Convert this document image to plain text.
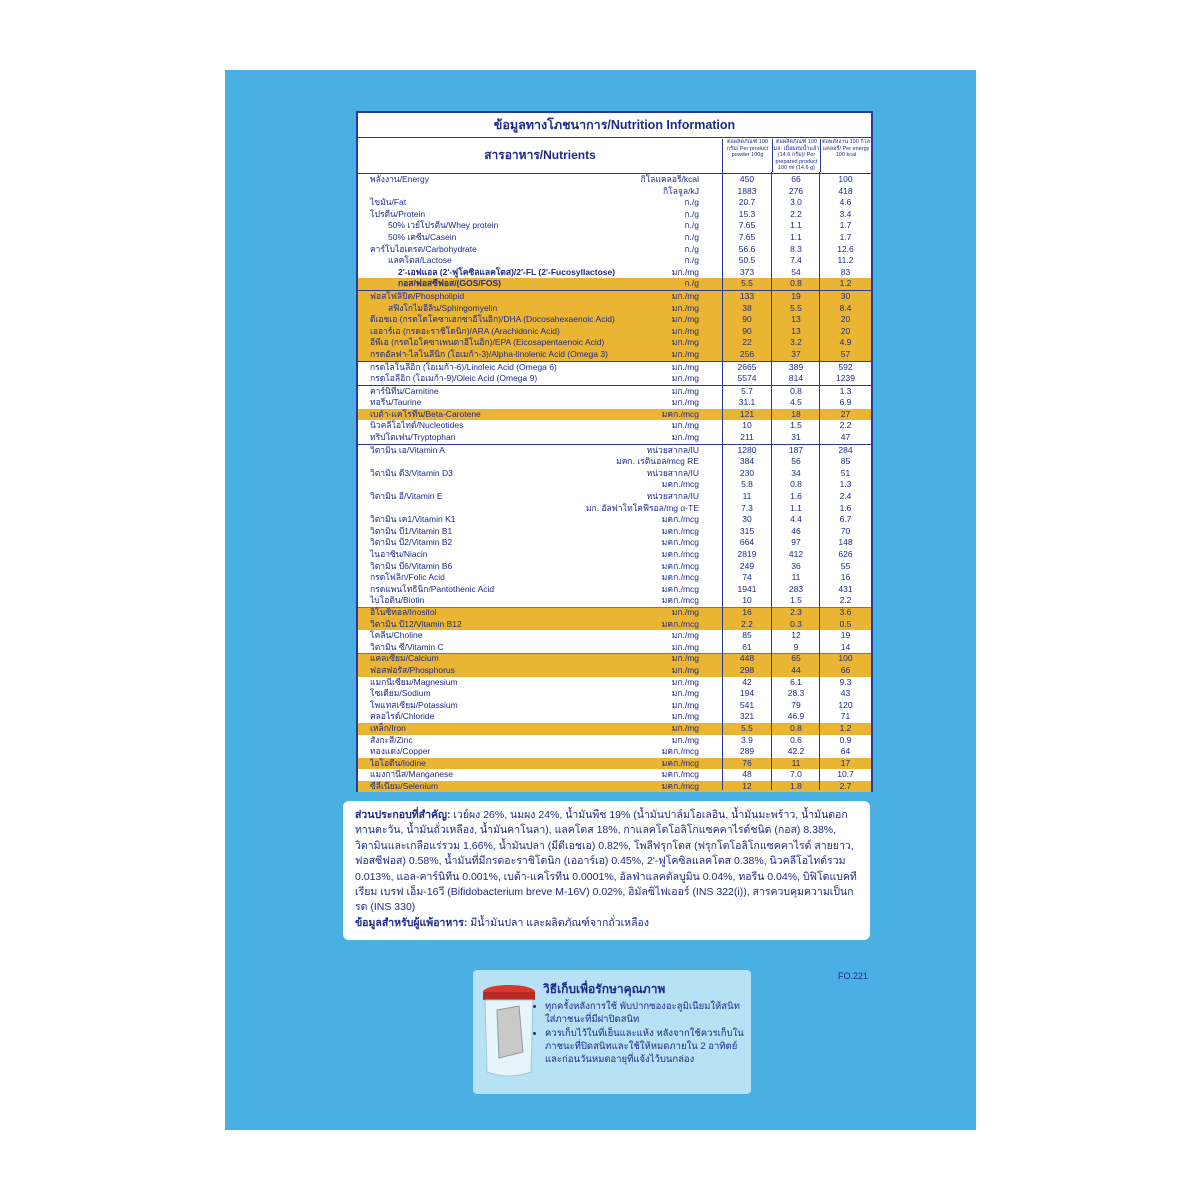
ข้อมูลทางโภชนาการ/Nutrition Information
สารอาหาร/Nutrients
ต่อผลิตภัณฑ์ 100 กรัม/ Per product powder 100g
ต่อผลิตภัณฑ์ 100 มล. เมื่อผสมน้ำแล้ว (14.6 กรัม)/ Per prepared product 100 ml (14.6 g)
ต่อพลังงาน 100 กิโลแคลอรี/ Per energy 100 kcal
พลังงาน/Energy	กิโลแคลอรี/kcal	450	66	100
กิโลจูล/kJ	1883	276	418
ไขมัน/Fat	ก./g	20.7	3.0	4.6
โปรตีน/Protein	ก./g	15.3	2.2	3.4
50% เวย์โปรตีน/Whey protein	ก./g	7.65	1.1	1.7
50% เคซีน/Casein	ก./g	7.65	1.1	1.7
คาร์โบไฮเดรต/Carbohydrate	ก./g	56.6	8.3	12.6
แลคโตส/Lactose	ก./g	50.5	7.4	11.2
2'-เอฟแอล (2'-ฟูโคซิลแลคโตส)/2'-FL (2'-Fucosyllactose)	มก./mg	373	54	83
กอส/ฟอสซีฟอส/(GOS/FOS)	ก./g	5.5	0.8	1.2
ฟอสโฟลิปิด/Phospholipid	มก./mg	133	19	30
สฟิงโกไมอีลิน/Sphingomyelin	มก./mg	38	5.5	8.4
ดีเอชเอ (กรดโดโคซาเฮกซาอีโนอิก)/DHA (Docosahexaenoic Acid)	มก./mg	90	13	20
เออาร์เอ (กรดอะราชิโดนิก)/ARA (Arachidonic Acid)	มก./mg	90	13	20
อีพีเอ (กรดไอโคซาเพนตาอีโนอิก)/EPA (Eicosapentaenoic Acid)	มก./mg	22	3.2	4.9
กรดอัลฟา-ไลโนลีนิก (โอเมก้า-3)/Alpha-linolenic Acid (Omega 3)	มก./mg	256	37	57
กรดไลโนลีอิก (โอเมก้า-6)/Linoleic Acid (Omega 6)	มก./mg	2665	389	592
กรดโอลีอิก (โอเมก้า-9)/Oleic Acid (Omega 9)	มก./mg	5574	814	1239
คาร์นิทีน/Carnitine	มก./mg	5.7	0.8	1.3
ทอรีน/Taurine	มก./mg	31.1	4.5	6.9
เบต้า-แคโรทีน/Beta-Carotene	มคก./mcg	121	18	27
นิวคลีโอไทด์/Nucleotides	มก./mg	10	1.5	2.2
ทริปโตเฟน/Tryptophan	มก./mg	211	31	47
วิตามิน เอ/Vitamin A	หน่วยสากล/IU	1280	187	284
มคก. เรตินอล/mcg RE	384	56	85
วิตามิน ดี3/Vitamin D3	หน่วยสากล/IU	230	34	51
มคก./mcg	5.8	0.8	1.3
วิตามิน อี/Vitamin E	หน่วยสากล/IU	11	1.6	2.4
มก. อัลฟาโทโคฟีรอล/mg α-TE	7.3	1.1	1.6
วิตามิน เค1/Vitamin K1	มคก./mcg	30	4.4	6.7
วิตามิน บี1/Vitamin B1	มคก./mcg	315	46	70
วิตามิน บี2/Vitamin B2	มคก./mcg	664	97	148
ไนอาซิน/Niacin	มคก./mcg	2819	412	626
วิตามิน บี6/Vitamin B6	มคก./mcg	249	36	55
กรดโฟลิก/Folic Acid	มคก./mcg	74	11	16
กรดแพนโทธินิก/Pantothenic Acid	มคก./mcg	1941	283	431
ไบโอติน/Biotin	มคก./mcg	10	1.5	2.2
อิโนซิทอล/Inositol	มก./mg	16	2.3	3.6
วิตามิน บี12/Vitamin B12	มคก./mcg	2.2	0.3	0.5
โคลีน/Choline	มก./mg	85	12	19
วิตามิน ซี/Vitamin C	มก./mg	61	9	14
แคลเซียม/Calcium	มก./mg	448	65	100
ฟอสฟอรัส/Phosphorus	มก./mg	298	44	66
แมกนีเซียม/Magnesium	มก./mg	42	6.1	9.3
โซเดียม/Sodium	มก./mg	194	28.3	43
โพแทสเซียม/Potassium	มก./mg	541	79	120
คลอไรด์/Chloride	มก./mg	321	46.9	71
เหล็ก/Iron	มก./mg	5.5	0.8	1.2
สังกะสี/Zinc	มก./mg	3.9	0.6	0.9
ทองแดง/Copper	มคก./mcg	289	42.2	64
ไอโอดีน/Iodine	มคก./mcg	76	11	17
แมงกานีส/Manganese	มคก./mcg	48	7.0	10.7
ซีลีเนียม/Selenium	มคก./mcg	12	1.8	2.7

ส่วนประกอบที่สำคัญ: เวย์ผง 26%, นมผง 24%, น้ำมันพืช 19% (น้ำมันปาล์มโอเลอิน, น้ำมันมะพร้าว, น้ำมันดอกทานตะวัน, น้ำมันถั่วเหลือง, น้ำมันคาโนลา), แลคโตส 18%, กาแลคโตโอลิโกแซคคาไรด์ชนิด (กอส) 8.38%, วิตามินและเกลือแร่รวม 1.66%, น้ำมันปลา (มีดีเอชเอ) 0.82%, โพลีฟรุกโตส (ฟรุกโตโอลิโกแซคคาไรด์ สายยาว, ฟอสซีฟอส) 0.58%, น้ำมันที่มีกรดอะราชิโดนิก (เออาร์เอ) 0.45%, 2'-ฟูโคซิลแลคโตส 0.38%, นิวคลีโอไทด์รวม 0.013%, แอล-คาร์นิทีน 0.001%, เบต้า-แคโรทีน 0.0001%, อัลฟ่าแลคตัลบูมิน 0.04%, ทอรีน 0.04%, บิฟิโดแบคทีเรียม เบรฟ เอ็ม-16วี (Bifidobacterium breve M-16V) 0.02%, อิมัลซิไฟเออร์ (INS 322(i)), สารควบคุมความเป็นกรด (INS 330)

ข้อมูลสำหรับผู้แพ้อาหาร: มีน้ำมันปลา และผลิตภัณฑ์จากถั่วเหลือง

FO.221
วิธีเก็บเพื่อรักษาคุณภาพ
• ทุกครั้งหลังการใช้ พับปากซองอะลูมิเนียมให้สนิท ใส่ภาชนะที่มีฝาปิดสนิท
• ควรเก็บไว้ในที่เย็นและแห้ง หลังจากใช้ควรเก็บในภาชนะที่ปิดสนิทและใช้ให้หมดภายใน 2 อาทิตย์ และก่อนวันหมดอายุที่แจ้งไว้บนกล่อง
